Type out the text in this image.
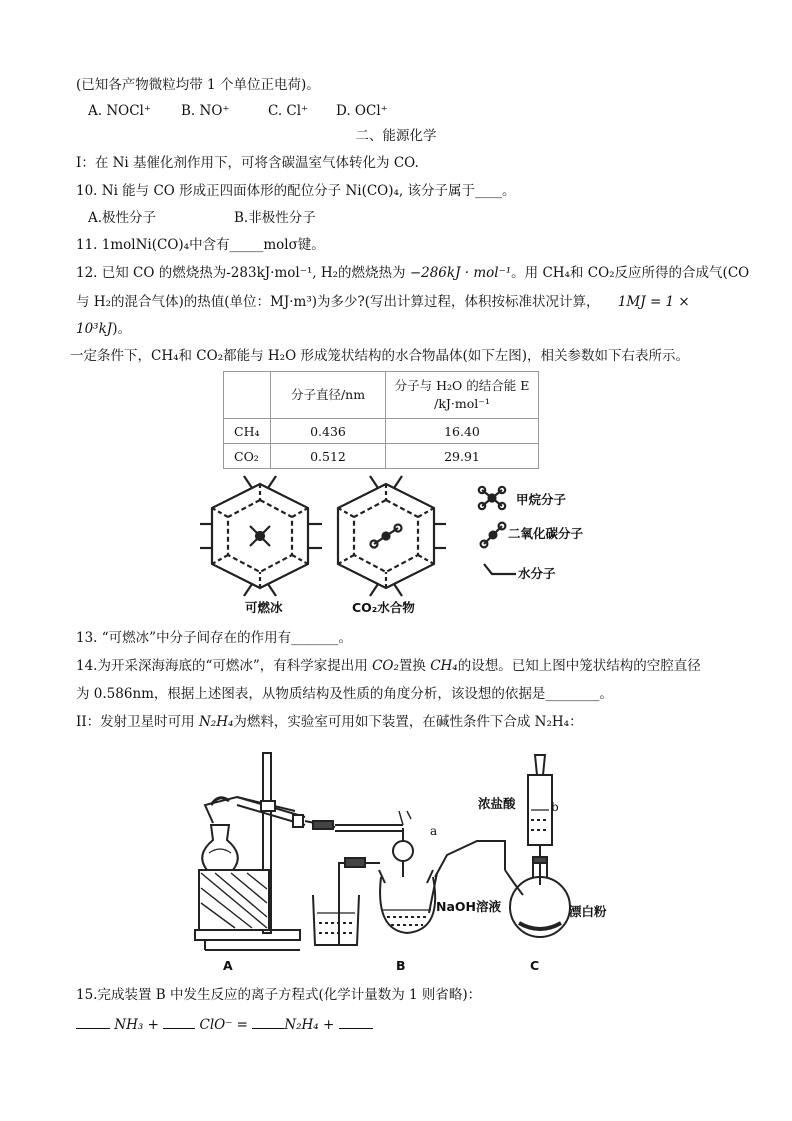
(已知各产物微粒均带 1 个单位正电荷)。
A. NOCl⁺ B. NO⁺	C. Cl⁺ D. OCl⁺
二、能源化学
I：在 Ni 基催化剂作用下，可将含碳温室气体转化为 CO.
10. Ni 能与 CO 形成正四面体形的配位分子 Ni(CO)₄, 该分子属于____。
A.极性分子	B.非极性分子
11. 1molNi(CO)₄中含有_____molσ键。
12. 已知 CO 的燃烧热为-283kJ·mol⁻¹, H₂的燃烧热为 −286kJ · mol⁻¹。用 CH₄和 CO₂反应所得的合成气(CO
与 H₂的混合气体)的热值(单位：MJ·m³)为多少?(写出计算过程，体积按标准状况计算， 1MJ = 1 ×
10³kJ)。
一定条件下，CH₄和 CO₂都能与 H₂O 形成笼状结构的水合物晶体(如下左图)，相关参数如下右表所示。
	分子直径/nm	分子与 H₂O 的结合能 E
/kJ·mol⁻¹

CH₄	0.436	16.40
CO₂	0.512	29.91
可燃冰	CO₂水合物
甲烷分子
二氧化碳分子
水分子
13. “可燃冰”中分子间存在的作用有_______。
14.为开采深海海底的“可燃冰”，有科学家提出用 CO₂置换 CH₄的设想。已知上图中笼状结构的空腔直径
为 0.586nm，根据上述图表，从物质结构及性质的角度分析，该设想的依据是________。
II：发射卫星时可用 N₂H₄为燃料，实验室可用如下装置，在碱性条件下合成 N₂H₄：
浓盐酸
NaOH溶液	漂白粉
a
b
A	B	C
15.完成装置 B 中发生反应的离子方程式(化学计量数为 1 则省略)：
NH₃ +	ClO⁻ =	N₂H₄ +
